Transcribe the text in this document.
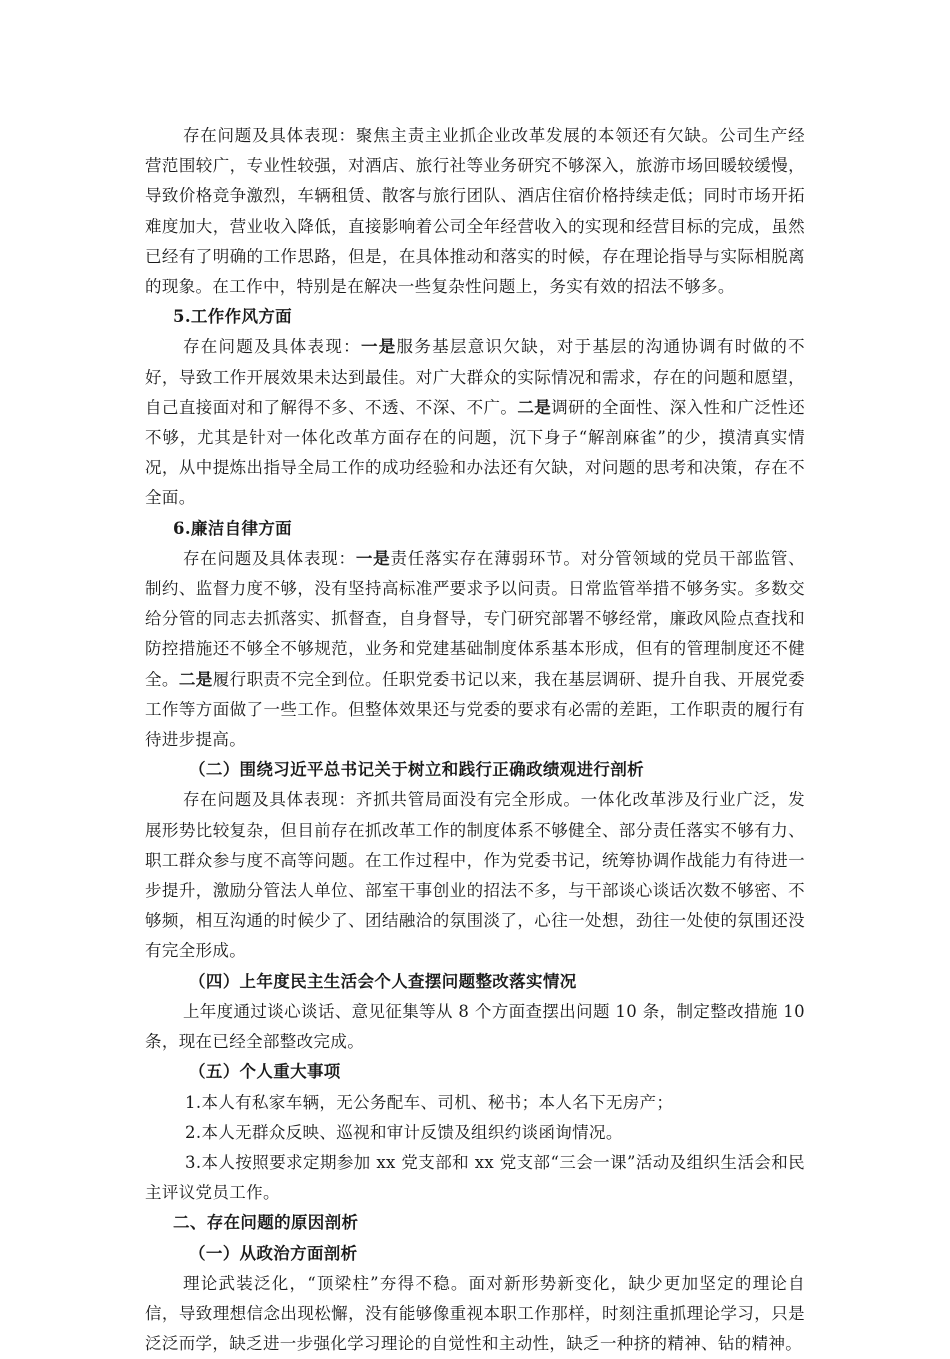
存在问题及具体表现：聚焦主责主业抓企业改革发展的本领还有欠缺。公司生产经营范围较广，专业性较强，对酒店、旅行社等业务研究不够深入，旅游市场回暖较缓慢，导致价格竞争激烈，车辆租赁、散客与旅行团队、酒店住宿价格持续走低；同时市场开拓难度加大，营业收入降低，直接影响着公司全年经营收入的实现和经营目标的完成，虽然已经有了明确的工作思路，但是，在具体推动和落实的时候，存在理论指导与实际相脱离的现象。在工作中，特别是在解决一些复杂性问题上，务实有效的招法不够多。

5.工作作风方面

存在问题及具体表现：一是服务基层意识欠缺，对于基层的沟通协调有时做的不好，导致工作开展效果未达到最佳。对广大群众的实际情况和需求，存在的问题和愿望，自己直接面对和了解得不多、不透、不深、不广。二是调研的全面性、深入性和广泛性还不够，尤其是针对一体化改革方面存在的问题，沉下身子“解剖麻雀”的少，摸清真实情况，从中提炼出指导全局工作的成功经验和办法还有欠缺，对问题的思考和决策，存在不全面。

6.廉洁自律方面

存在问题及具体表现：一是责任落实存在薄弱环节。对分管领域的党员干部监管、制约、监督力度不够，没有坚持高标准严要求予以问责。日常监管举措不够务实。多数交给分管的同志去抓落实、抓督查，自身督导，专门研究部署不够经常，廉政风险点查找和防控措施还不够全不够规范，业务和党建基础制度体系基本形成，但有的管理制度还不健全。二是履行职责不完全到位。任职党委书记以来，我在基层调研、提升自我、开展党委工作等方面做了一些工作。但整体效果还与党委的要求有必需的差距，工作职责的履行有待进步提高。

（二）围绕习近平总书记关于树立和践行正确政绩观进行剖析

存在问题及具体表现：齐抓共管局面没有完全形成。一体化改革涉及行业广泛，发展形势比较复杂，但目前存在抓改革工作的制度体系不够健全、部分责任落实不够有力、职工群众参与度不高等问题。在工作过程中，作为党委书记，统筹协调作战能力有待进一步提升，激励分管法人单位、部室干事创业的招法不多，与干部谈心谈话次数不够密、不够频，相互沟通的时候少了、团结融洽的氛围淡了，心往一处想，劲往一处使的氛围还没有完全形成。

（四）上年度民主生活会个人查摆问题整改落实情况

上年度通过谈心谈话、意见征集等从 8 个方面查摆出问题 10 条，制定整改措施 10 条，现在已经全部整改完成。

（五）个人重大事项

1.本人有私家车辆，无公务配车、司机、秘书；本人名下无房产；

2.本人无群众反映、巡视和审计反馈及组织约谈函询情况。

3.本人按照要求定期参加 xx 党支部和 xx 党支部“三会一课”活动及组织生活会和民主评议党员工作。

二、存在问题的原因剖析

（一）从政治方面剖析

理论武装泛化，“顶梁柱”夯得不稳。面对新形势新变化，缺少更加坚定的理论自信，导致理想信念出现松懈，没有能够像重视本职工作那样，时刻注重抓理论学习，只是泛泛而学，缺乏进一步强化学习理论的自觉性和主动性，缺乏一种挤的精神、钻的精神。
